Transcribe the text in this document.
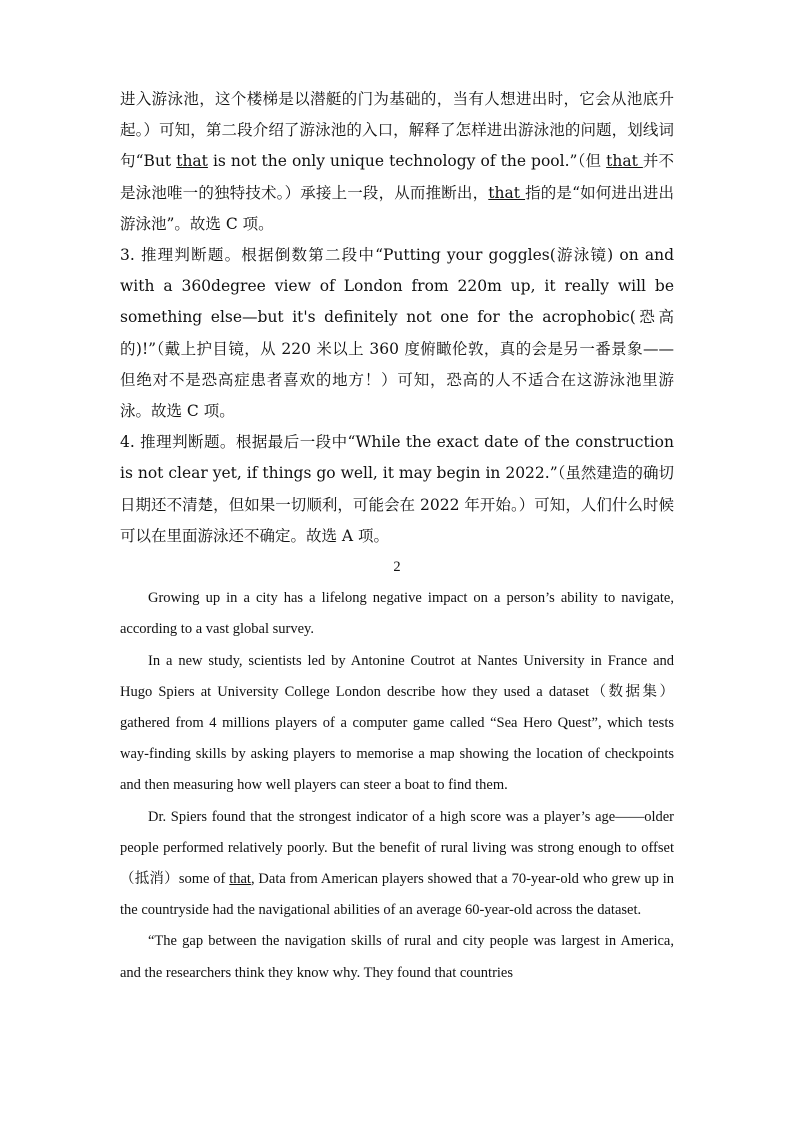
进入游泳池，这个楼梯是以潜艇的门为基础的，当有人想进出时，它会从池底升起。）可知，第二段介绍了游泳池的入口，解释了怎样进出游泳池的问题，划线词句“But that is not the only unique technology of the pool.”（但 that 并不是泳池唯一的独特技术。）承接上一段，从而推断出，that 指的是“如何进出进出游泳池”。故选 C 项。

3. 推理判断题。根据倒数第二段中“Putting your goggles(游泳镜) on and with a 360degree view of London from 220m up, it really will be something else—but it's definitely not one for the acrophobic(恐高的)!”（戴上护目镜，从 220 米以上 360 度俯瞰伦敦，真的会是另一番景象——但绝对不是恐高症患者喜欢的地方！）可知，恐高的人不适合在这游泳池里游泳。故选 C 项。

4. 推理判断题。根据最后一段中“While the exact date of the construction is not clear yet, if things go well, it may begin in 2022.”（虽然建造的确切日期还不清楚，但如果一切顺利，可能会在 2022 年开始。）可知，人们什么时候可以在里面游泳还不确定。故选 A 项。

2

Growing up in a city has a lifelong negative impact on a person’s ability to navigate, according to a vast global survey.

In a new study, scientists led by Antonine Coutrot at Nantes University in France and Hugo Spiers at University College London describe how they used a dataset（数据集）gathered from 4 millions players of a computer game called “Sea Hero Quest”, which tests way-finding skills by asking players to memorise a map showing the location of checkpoints and then measuring how well players can steer a boat to find them.

Dr. Spiers found that the strongest indicator of a high score was a player’s age——older people performed relatively poorly. But the benefit of rural living was strong enough to offset（抵消）some of that, Data from American players showed that a 70-year-old who grew up in the countryside had the navigational abilities of an average 60-year-old across the dataset.

“The gap between the navigation skills of rural and city people was largest in America, and the researchers think they know why. They found that countries
